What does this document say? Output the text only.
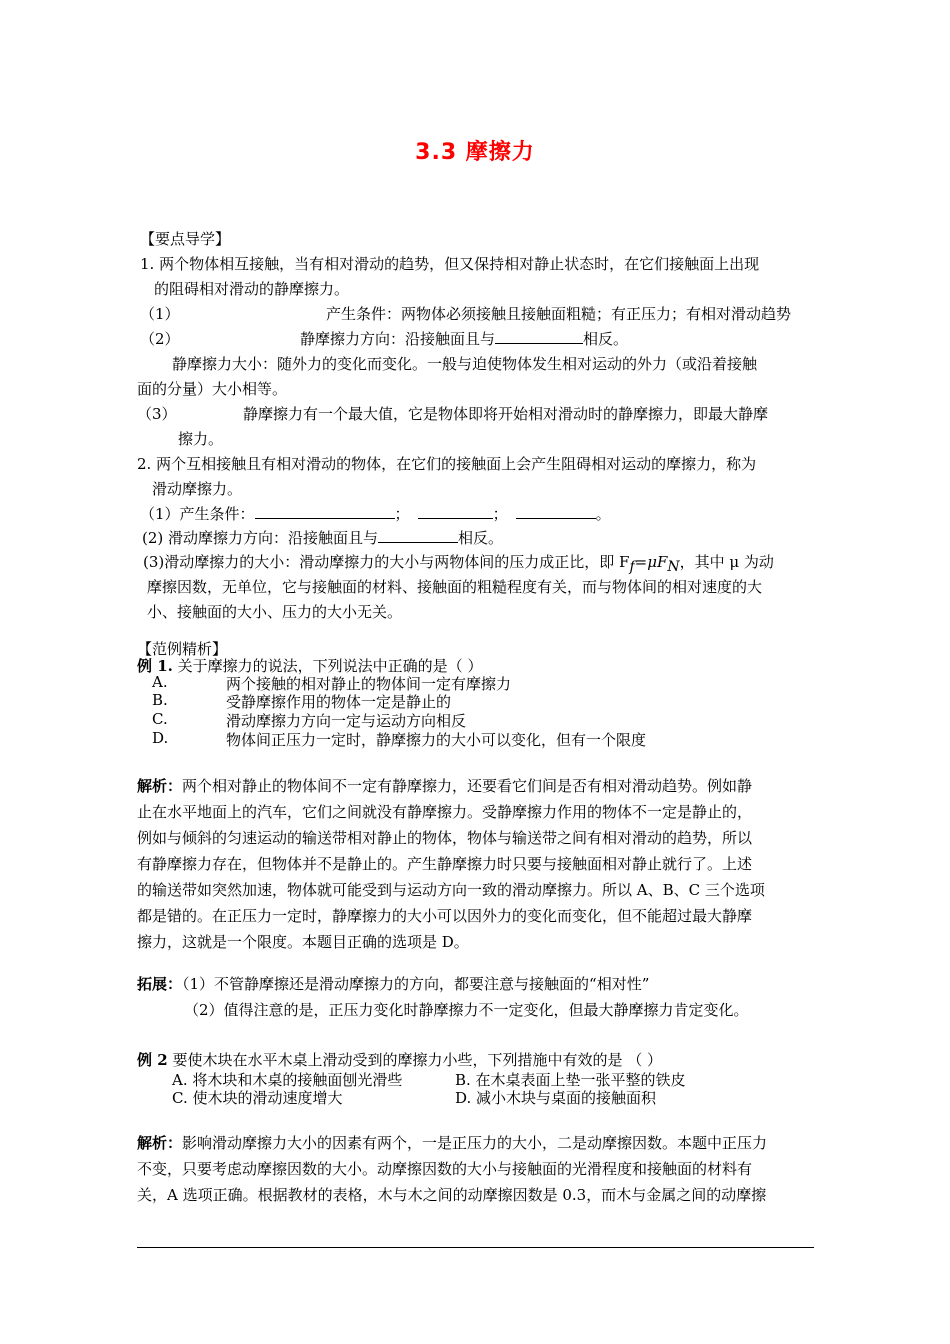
3.3 摩擦力
【要点导学】
1. 两个物体相互接触，当有相对滑动的趋势，但又保持相对静止状态时，在它们接触面上出现
的阻碍相对滑动的静摩擦力。
（1）	产生条件：两物体必须接触且接触面粗糙；有正压力；有相对滑动趋势
（2）	静摩擦力方向：沿接触面且与	相反。
静摩擦力大小：随外力的变化而变化。一般与迫使物体发生相对运动的外力（或沿着接触
面的分量）大小相等。
（3）	静摩擦力有一个最大值，它是物体即将开始相对滑动时的静摩擦力，即最大静摩
擦力。
2. 两个互相接触且有相对滑动的物体，在它们的接触面上会产生阻碍相对运动的摩擦力，称为
滑动摩擦力。
（1）产生条件：	；	；	。
(2) 滑动摩擦力方向：沿接触面且与	相反。
(3)滑动摩擦力的大小：滑动摩擦力的大小与两物体间的压力成正比，即 $F_f=\mu F_N$，其中 μ 为动
摩擦因数，无单位，它与接触面的材料、接触面的粗糙程度有关，而与物体间的相对速度的大
小、接触面的大小、压力的大小无关。
【范例精析】
例 1. 关于摩擦力的说法，下列说法中正确的是（ ）
A.	两个接触的相对静止的物体间一定有摩擦力
B.	受静摩擦作用的物体一定是静止的
C.	滑动摩擦力方向一定与运动方向相反
D.	物体间正压力一定时，静摩擦力的大小可以变化，但有一个限度
解析：两个相对静止的物体间不一定有静摩擦力，还要看它们间是否有相对滑动趋势。例如静
止在水平地面上的汽车，它们之间就没有静摩擦力。受静摩擦力作用的物体不一定是静止的，
例如与倾斜的匀速运动的输送带相对静止的物体，物体与输送带之间有相对滑动的趋势，所以
有静摩擦力存在，但物体并不是静止的。产生静摩擦力时只要与接触面相对静止就行了。上述
的输送带如突然加速，物体就可能受到与运动方向一致的滑动摩擦力。所以 A、B、C 三个选项
都是错的。在正压力一定时，静摩擦力的大小可以因外力的变化而变化，但不能超过最大静摩
擦力，这就是一个限度。本题目正确的选项是 D。
拓展：（1）不管静摩擦还是滑动摩擦力的方向，都要注意与接触面的“相对性”
（2）值得注意的是，正压力变化时静摩擦力不一定变化，但最大静摩擦力肯定变化。
例 2 要使木块在水平木桌上滑动受到的摩擦力小些，下列措施中有效的是 （ ）
A. 将木块和木桌的接触面刨光滑些	B. 在木桌表面上垫一张平整的铁皮
C. 使木块的滑动速度增大	D. 减小木块与桌面的接触面积
解析：影响滑动摩擦力大小的因素有两个，一是正压力的大小，二是动摩擦因数。本题中正压力
不变，只要考虑动摩擦因数的大小。动摩擦因数的大小与接触面的光滑程度和接触面的材料有
关，A 选项正确。根据教材的表格，木与木之间的动摩擦因数是 0.3，而木与金属之间的动摩擦
